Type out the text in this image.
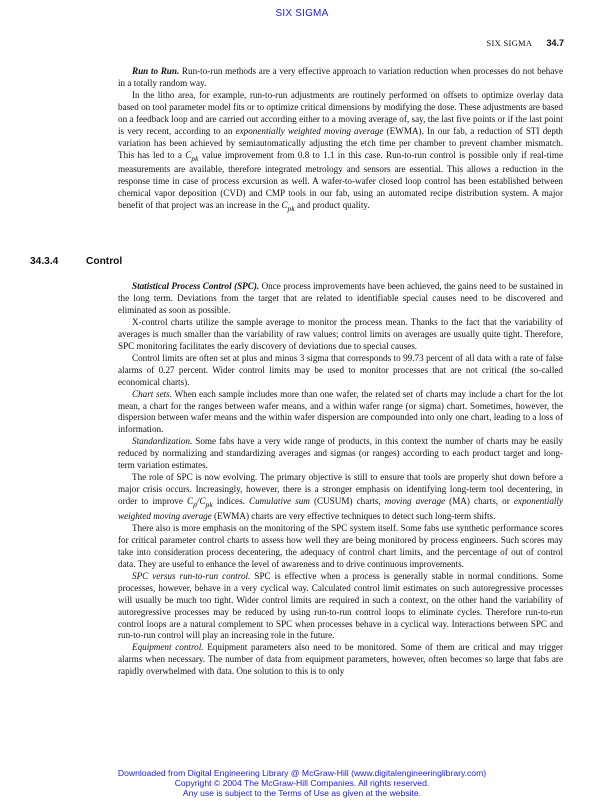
SIX SIGMA
SIX SIGMA 34.7

Run to Run. Run-to-run methods are a very effective approach to variation reduction when processes do not behave in a totally random way.

In the litho area, for example, run-to-run adjustments are routinely performed on offsets to optimize overlay data based on tool parameter model fits or to optimize critical dimensions by modifying the dose. These adjustments are based on a feedback loop and are carried out according either to a moving average of, say, the last five points or if the last point is very recent, according to an exponentially weighted moving average (EWMA). In our fab, a reduction of STI depth variation has been achieved by semiautomatically adjusting the etch time per chamber to prevent chamber mismatch. This has led to a $C_{pk}$ value improvement from 0.8 to 1.1 in this case. Run-to-run control is possible only if real-time measurements are available, therefore integrated metrology and sensors are essential. This allows a reduction in the response time in case of process excursion as well. A wafer-to-wafer closed loop control has been established between chemical vapor deposition (CVD) and CMP tools in our fab, using an automated recipe distribution system. A major benefit of that project was an increase in the $C_{pk}$ and product quality.

34.3.4	Control

Statistical Process Control (SPC). Once process improvements have been achieved, the gains need to be sustained in the long term. Deviations from the target that are related to identifiable special causes need to be discovered and eliminated as soon as possible.

X-control charts utilize the sample average to monitor the process mean. Thanks to the fact that the variability of averages is much smaller than the variability of raw values; control limits on averages are usually quite tight. Therefore, SPC monitoring facilitates the early discovery of deviations due to special causes.

Control limits are often set at plus and minus 3 sigma that corresponds to 99.73 percent of all data with a rate of false alarms of 0.27 percent. Wider control limits may be used to monitor processes that are not critical (the so-called economical charts).

Chart sets. When each sample includes more than one wafer, the related set of charts may include a chart for the lot mean, a chart for the ranges between wafer means, and a within wafer range (or sigma) chart. Sometimes, however, the dispersion between wafer means and the within wafer dispersion are compounded into only one chart, leading to a loss of information.

Standardization. Some fabs have a very wide range of products, in this context the number of charts may be easily reduced by normalizing and standardizing averages and sigmas (or ranges) according to each product target and long-term variation estimates.

The role of SPC is now evolving. The primary objective is still to ensure that tools are properly shut down before a major crisis occurs. Increasingly, however, there is a stronger emphasis on identifying long-term tool decentering, in order to improve $C_p/C_{pk}$ indices. Cumulative sum (CUSUM) charts, moving average (MA) charts, or exponentially weighted moving average (EWMA) charts are very effective techniques to detect such long-term shifts.

There also is more emphasis on the monitoring of the SPC system itself. Some fabs use synthetic performance scores for critical parameter control charts to assess how well they are being monitored by process engineers. Such scores may take into consideration process decentering, the adequacy of control chart limits, and the percentage of out of control data. They are useful to enhance the level of awareness and to drive continuous improvements.

SPC versus run-to-run control. SPC is effective when a process is generally stable in normal conditions. Some processes, however, behave in a very cyclical way. Calculated control limit estimates on such autoregressive processes will usually be much too tight. Wider control limits are required in such a context, on the other hand the variability of autoregressive processes may be reduced by using run-to-run control loops to eliminate cycles. Therefore run-to-run control loops are a natural complement to SPC when processes behave in a cyclical way. Interactions between SPC and run-to-run control will play an increasing role in the future.

Equipment control. Equipment parameters also need to be monitored. Some of them are critical and may trigger alarms when necessary. The number of data from equipment parameters, however, often becomes so large that fabs are rapidly overwhelmed with data. One solution to this is to only

Downloaded from Digital Engineering Library @ McGraw-Hill (www.digitalengineeringlibrary.com)
Copyright © 2004 The McGraw-Hill Companies. All rights reserved.
Any use is subject to the Terms of Use as given at the website.
